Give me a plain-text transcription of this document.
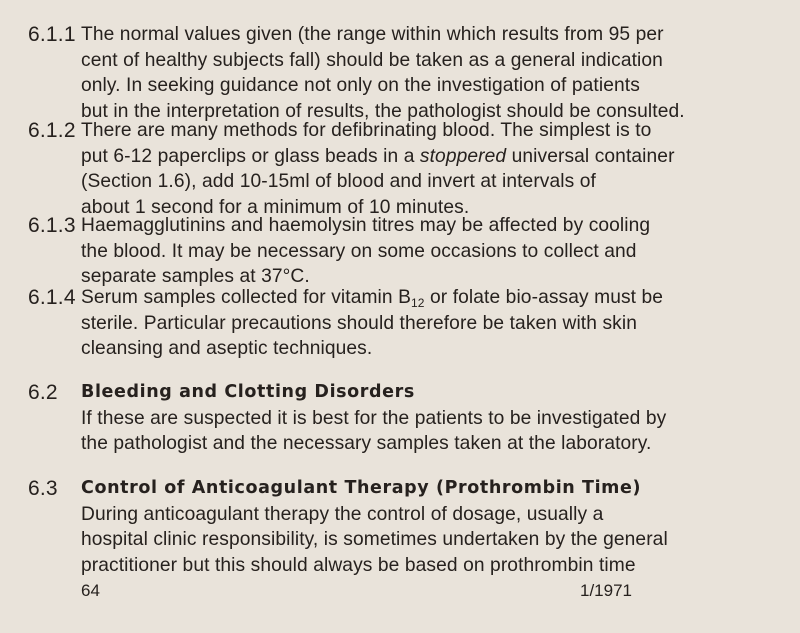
6.1.1 The normal values given (the range within which results from 95 per
cent of healthy subjects fall) should be taken as a general indication
only. In seeking guidance not only on the investigation of patients
but in the interpretation of results, the pathologist should be consulted.
6.1.2 There are many methods for defibrinating blood. The simplest is to
put 6-12 paperclips or glass beads in a stoppered universal container
(Section 1.6), add 10-15ml of blood and invert at intervals of
about 1 second for a minimum of 10 minutes.
6.1.3 Haemagglutinins and haemolysin titres may be affected by cooling
the blood. It may be necessary on some occasions to collect and
separate samples at 37°C.
6.1.4 Serum samples collected for vitamin $B_{12}$ or folate bio-assay must be
sterile. Particular precautions should therefore be taken with skin
cleansing and aseptic techniques.
6.2 Bleeding and Clotting Disorders
If these are suspected it is best for the patients to be investigated by
the pathologist and the necessary samples taken at the laboratory.
6.3 Control of Anticoagulant Therapy (Prothrombin Time)
During anticoagulant therapy the control of dosage, usually a
hospital clinic responsibility, is sometimes undertaken by the general
practitioner but this should always be based on prothrombin time
64	1/1971
